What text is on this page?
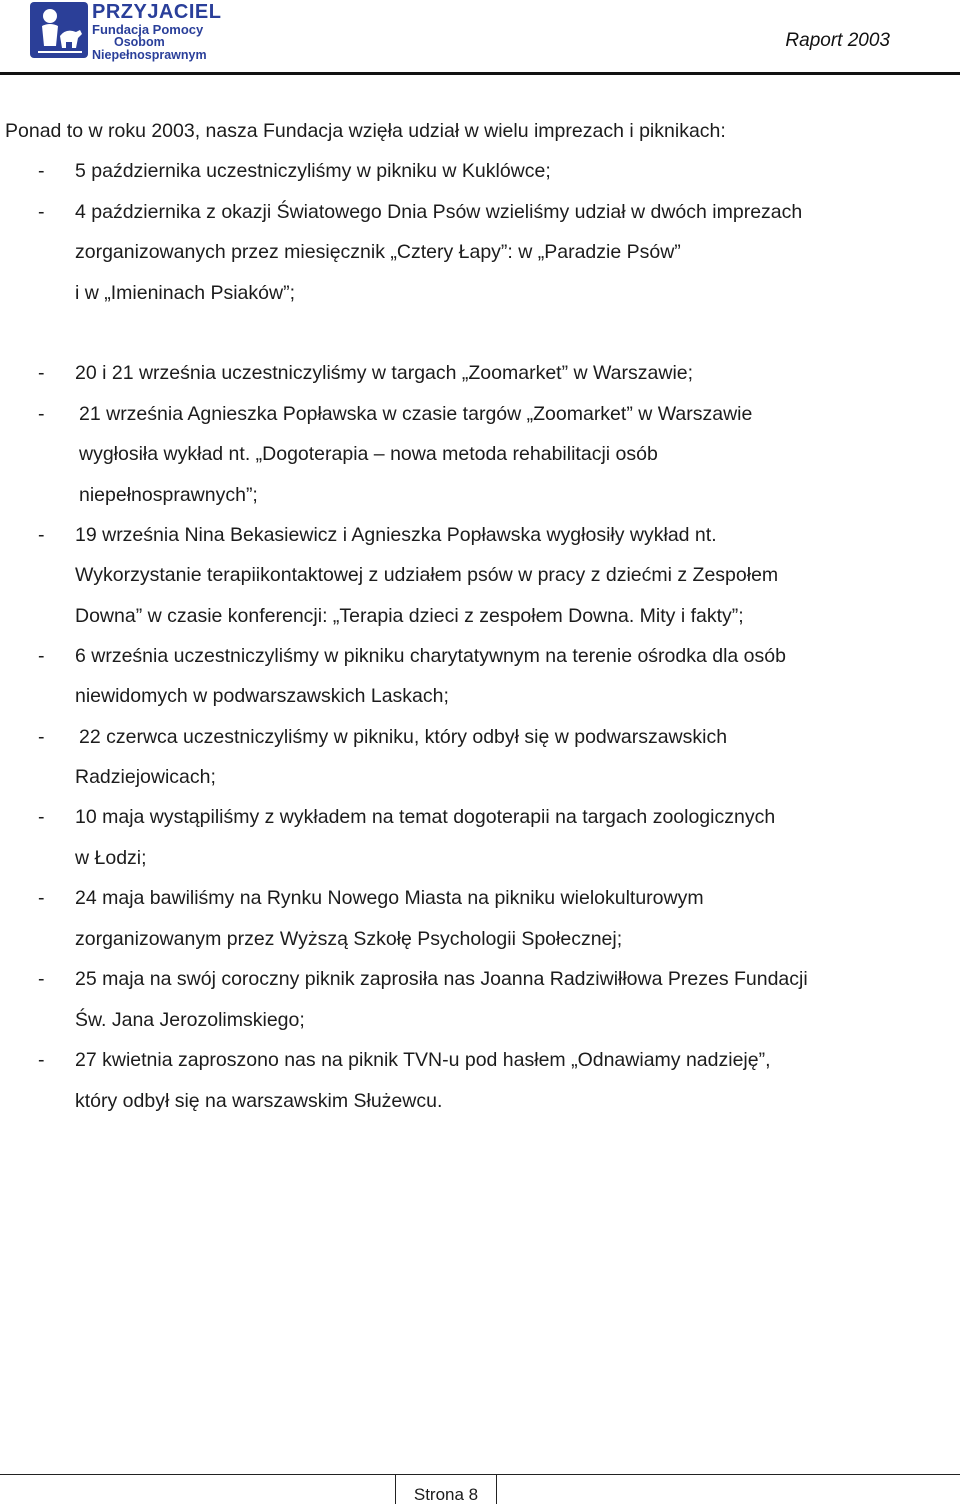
PRZYJACIEL
Fundacja Pomocy
Osobom
Niepełnosprawnym
Raport 2003
Ponad to w roku 2003, nasza Fundacja wzięła udział w wielu imprezach i piknikach:
- 5 października uczestniczyliśmy w pikniku w Kuklówce;
- 4 października z okazji Światowego Dnia Psów wzieliśmy udział w dwóch imprezach
zorganizowanych przez miesięcznik „Cztery Łapy”: w „Paradzie Psów”
i w „Imieninach Psiaków”;
- 20 i 21 września uczestniczyliśmy w targach „Zoomarket” w Warszawie;
- 21 września Agnieszka Popławska w czasie targów „Zoomarket” w Warszawie
wygłosiła wykład nt. „Dogoterapia – nowa metoda rehabilitacji osób
niepełnosprawnych”;
- 19 września Nina Bekasiewicz i Agnieszka Popławska wygłosiły wykład nt.
Wykorzystanie terapiikontaktowej z udziałem psów w pracy z dziećmi z Zespołem
Downa” w czasie konferencji: „Terapia dzieci z zespołem Downa. Mity i fakty”;
- 6 września uczestniczyliśmy w pikniku charytatywnym na terenie ośrodka dla osób
niewidomych w podwarszawskich Laskach;
- 22 czerwca uczestniczyliśmy w pikniku, który odbył się w podwarszawskich
Radziejowicach;
- 10 maja wystąpiliśmy z wykładem na temat dogoterapii na targach zoologicznych
w Łodzi;
- 24 maja bawiliśmy na Rynku Nowego Miasta na pikniku wielokulturowym
zorganizowanym przez Wyższą Szkołę Psychologii Społecznej;
- 25 maja na swój coroczny piknik zaprosiła nas Joanna Radziwiłłowa Prezes Fundacji
Św. Jana Jerozolimskiego;
- 27 kwietnia zaproszono nas na piknik TVN-u pod hasłem „Odnawiamy nadzieję”,
który odbył się na warszawskim Służewcu.
Strona 8
